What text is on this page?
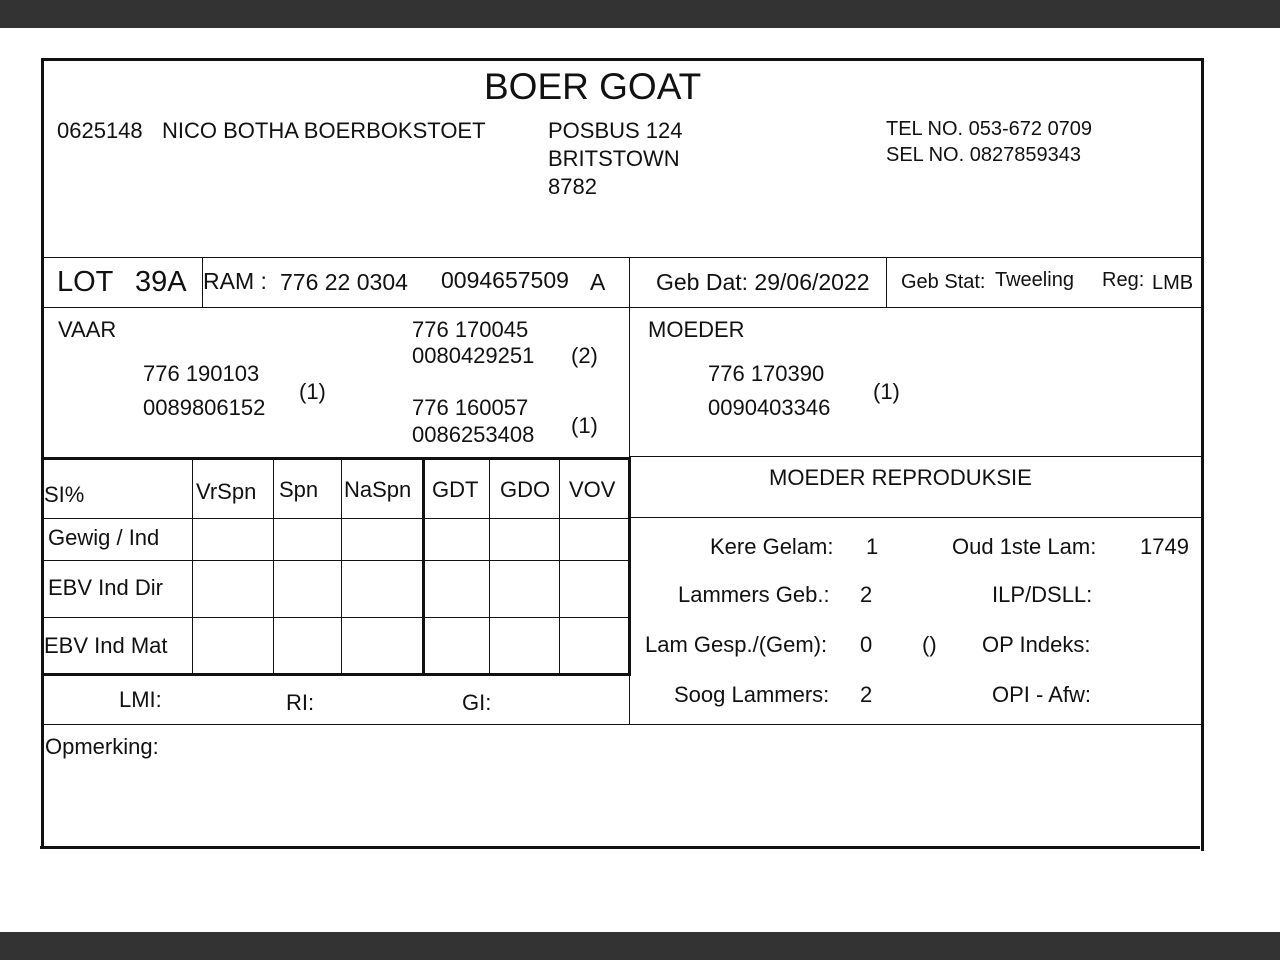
SI%	VrSpn Spn NaSpn GDT GDO VOV
Gewig / Ind
EBV Ind Dir
EBV Ind Mat
BOER GOAT
0625148 NICO BOTHA BOERBOKSTOET	POSBUS 124
BRITSTOWN
8782
TEL NO. 053-672 0709
SEL NO. 0827859343
LOT 39A RAM : 776 22 0304 0094657509 A Geb Dat: 29/06/2022 Geb Stat: Tweeling Reg: LMB
VAAR
776 190103
0089806152
(1)
776 170045
0080429251 (2)
776 160057
0086253408 (1)
MOEDER
776 170390
0090403346
(1)
LMI:	RI:	GI:
MOEDER REPRODUKSIE
Kere Gelam: 1	Oud 1ste Lam: 1749
Lammers Geb.: 2	ILP/DSLL:
Lam Gesp./(Gem): 0 () OP Indeks:
Soog Lammers: 2	OPI - Afw:
Opmerking:
